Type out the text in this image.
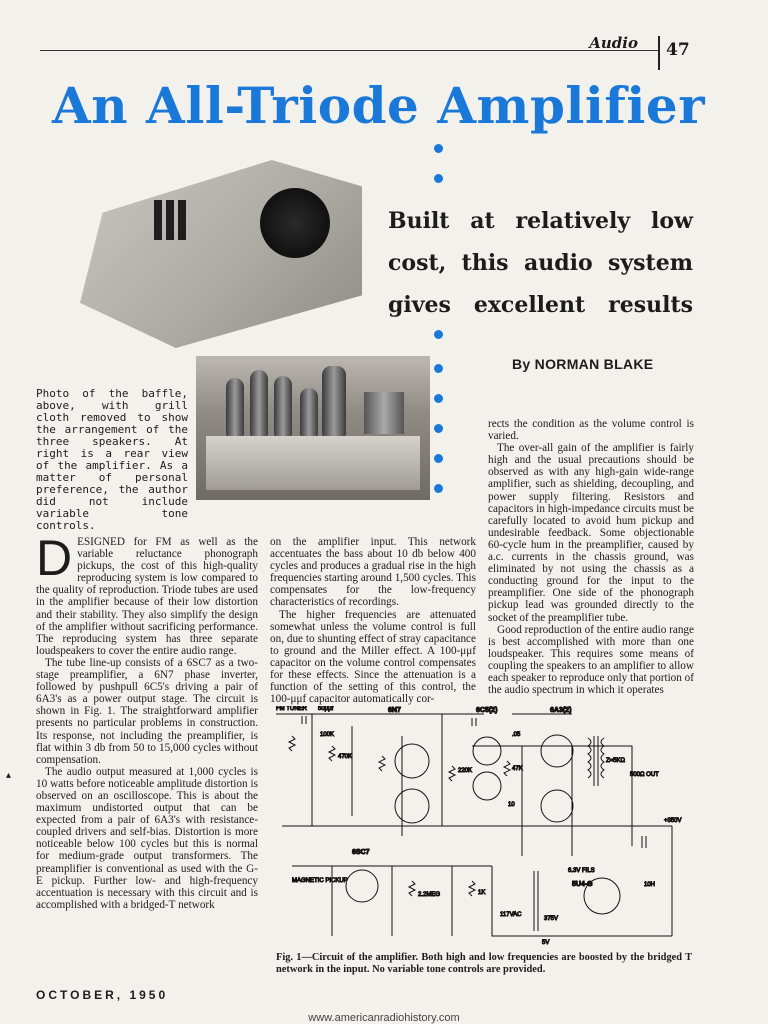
Audio 47
An All-Triode Amplifier
Built at relatively low
cost, this audio system
gives excellent results
By NORMAN BLAKE
Photo of the baffle, above, with grill cloth removed to show the arrangement of the three speakers. At right is a rear view of the amplifier. As a matter of personal preference, the author did not include variable tone controls.

rects the condition as the volume control is varied.

The over-all gain of the amplifier is fairly high and the usual precautions should be observed as with any high-gain wide-range amplifier, such as shielding, decoupling, and power supply filtering. Resistors and capacitors in high-impedance circuits must be carefully located to avoid hum pickup and undesirable feedback. Some objectionable 60-cycle hum in the preamplifier, caused by a.c. currents in the chassis ground, was eliminated by not using the chassis as a conducting ground for the input to the preamplifier. One side of the phonograph pickup lead was grounded directly to the socket of the preamplifier tube.

Good reproduction of the entire audio range is best accomplished with more than one loudspeaker. This requires some means of coupling the speakers to an amplifier to allow each speaker to reproduce only that portion of the audio spectrum in which it operates

DESIGNED for FM as well as the variable reluctance phonograph pickups, the cost of this high-quality reproducing system is low compared to the quality of reproduction. Triode tubes are used in the amplifier because of their low distortion and their stability. They also simplify the design of the amplifier without sacrificing performance. The reproducing system has three separate loudspeakers to cover the entire audio range.

The tube line-up consists of a 6SC7 as a two-stage preamplifier, a 6N7 phase inverter, followed by pushpull 6C5's driving a pair of 6A3's as a power output stage. The circuit is shown in Fig. 1. The straightforward amplifier presents no particular problems in construction. Its response, not including the preamplifier, is flat within 3 db from 50 to 15,000 cycles without compensation.

The audio output measured at 1,000 cycles is 10 watts before noticeable amplitude distortion is observed on an oscilloscope. This is about the maximum undistorted output that can be expected from a pair of 6A3's with resistance-coupled drivers and self-bias. Distortion is more noticeable below 100 cycles but this is normal for medium-grade output transformers. The preamplifier is conventional as used with the G-E pickup. Further low- and high-frequency accentuation is necessary with this circuit and is accomplished with a bridged-T network

on the amplifier input. This network accentuates the bass about 10 db below 400 cycles and produces a gradual rise in the high frequencies starting around 1,500 cycles. This compensates for the low-frequency characteristics of recordings.

The higher frequencies are attenuated somewhat unless the volume control is full on, due to shunting effect of stray capacitance to ground and the Miller effect. A 100-μμf capacitor on the volume control compensates for these effects. Since the attenuation is a function of the setting of this control, the 100-μμf capacitor automatically cor-

▴
FM TUNER 50μμf	6N7	6C5(2)	6A3(2)
6SC7
5U4-G
MAGNETIC PICKUP
+350V
117VAC
500Ω OUT
Z=5KΩ
6.3V FILS
5V
10H
100K
470K
220K	47K
2.2MEG	1K
.05
10
375V
Fig. 1—Circuit of the amplifier. Both high and low frequencies are boosted by the bridged T network in the input. No variable tone controls are provided.
OCTOBER, 1950
www.americanradiohistory.com
